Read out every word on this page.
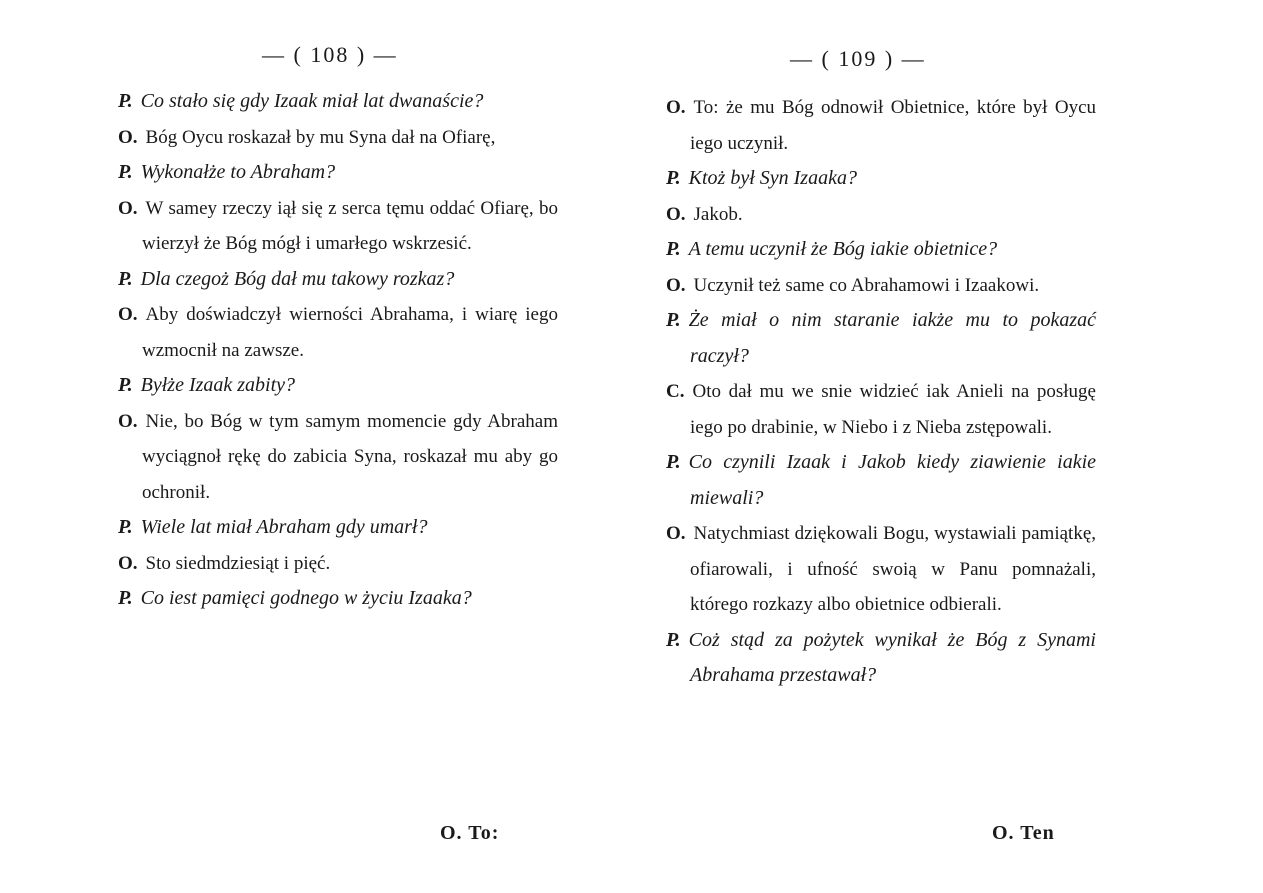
— ( 108 ) —
P. Co stało się gdy Izaak miał lat dwanaście?
O. Bóg Oycu roskazał by mu Syna dał na Ofiarę,
P. Wykonałże to Abraham?
O. W samey rzeczy iął się z serca tęmu oddać Ofiarę, bo wierzył że Bóg mógł i umarłego wskrzesić.
P. Dla czegoż Bóg dał mu takowy rozkaz?
O. Aby doświadczył wierności Abrahama, i wiarę iego wzmocnił na zawsze.
P. Byłże Izaak zabity?
O. Nie, bo Bóg w tym samym momencie gdy Abraham wyciągnoł rękę do zabicia Syna, roskazał mu aby go ochronił.
P. Wiele lat miał Abraham gdy umarł?
O. Sto siedmdziesiąt i pięć.
P. Co iest pamięci godnego w życiu Izaaka?
O. To:
— ( 109 ) —
O. To: że mu Bóg odnowił Obietnice, które był Oycu iego uczynił.
P. Ktoż był Syn Izaaka?
O. Jakob.
P. A temu uczynił że Bóg iakie obietnice?
O. Uczynił też same co Abrahamowi i Izaakowi.
P. Że miał o nim staranie iakże mu to pokazać raczył?
C. Oto dał mu we snie widzieć iak Anieli na posługę iego po drabinie, w Niebo i z Nieba zstępowali.
P. Co czynili Izaak i Jakob kiedy ziawienie iakie miewali?
O. Natychmiast dziękowali Bogu, wystawiali pamiątkę, ofiarowali, i ufność swoią w Panu pomnażali, którego rozkazy albo obietnice odbierali.
P. Coż stąd za pożytek wynikał że Bóg z Synami Abrahama przestawał?
O. Ten
